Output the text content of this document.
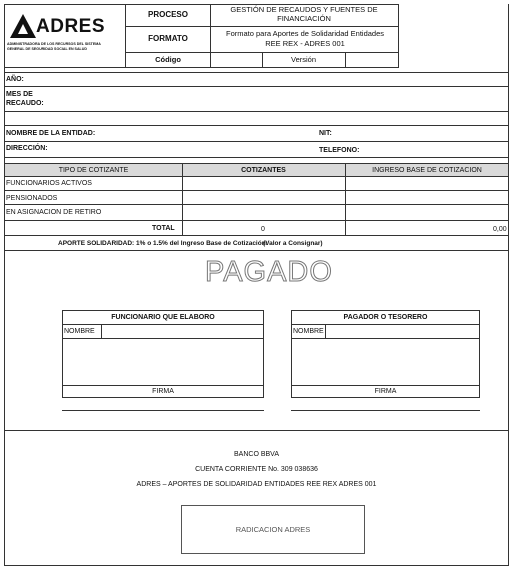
ADRES
ADMINISTRADORA DE LOS RECURSOS DEL SISTEMA
GENERAL DE SEGURIDAD SOCIAL EN SALUD
PROCESO
GESTIÓN DE RECAUDOS Y FUENTES DE FINANCIACIÓN
FORMATO
Formato para Aportes de Solidaridad Entidades
REE REX - ADRES 001
Código	Versión
AÑO:
MES DE
RECAUDO:
NOMBRE DE LA ENTIDAD:	NIT:
DIRECCIÓN:	TELEFONO:
TIPO DE COTIZANTE	COTIZANTES	INGRESO BASE DE COTIZACION
FUNCIONARIOS ACTIVOS
PENSIONADOS
EN ASIGNACION DE RETIRO
TOTAL	0	0,00
APORTE SOLIDARIDAD: 1% o 1.5% del Ingreso Base de Cotización:
(Valor a Consignar)
PAGADO
FUNCIONARIO QUE ELABORO
NOMBRE
FIRMA
PAGADOR O TESORERO
NOMBRE
FIRMA
BANCO BBVA
CUENTA CORRIENTE No. 309 038636
ADRES – APORTES DE SOLIDARIDAD ENTIDADES REE REX ADRES 001
RADICACION ADRES
